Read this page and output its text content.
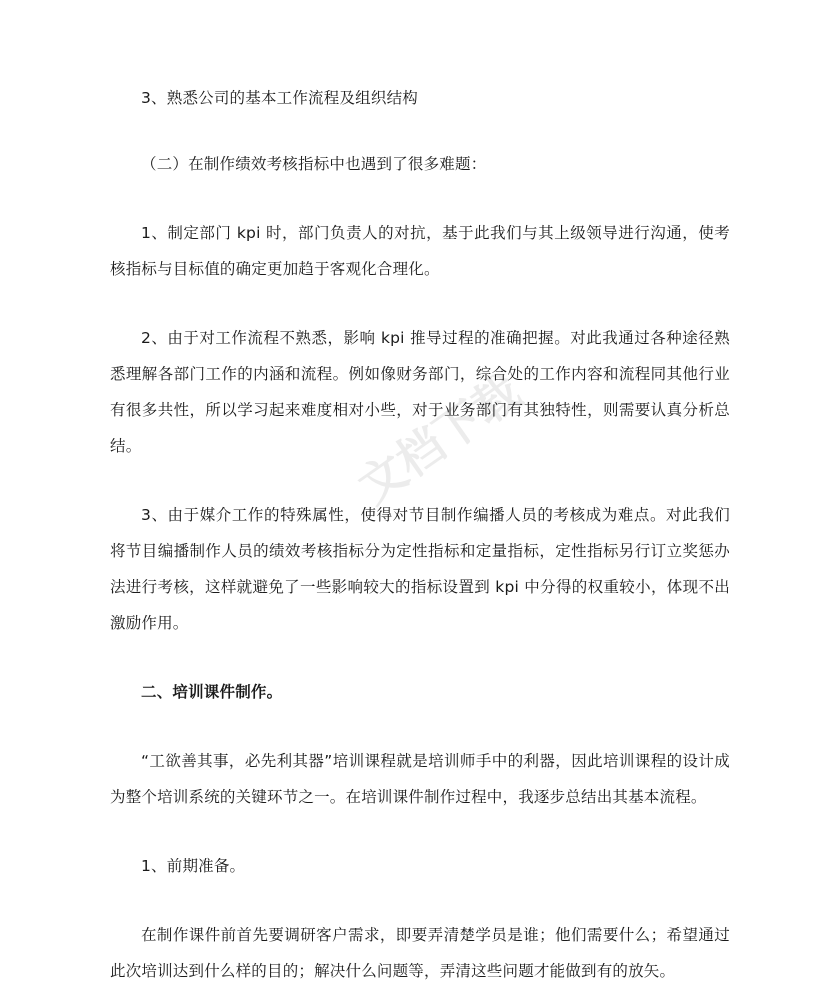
文档下载

3、熟悉公司的基本工作流程及组织结构

（二）在制作绩效考核指标中也遇到了很多难题：

1、制定部门 kpi 时，部门负责人的对抗，基于此我们与其上级领导进行沟通，使考核指标与目标值的确定更加趋于客观化合理化。

2、由于对工作流程不熟悉，影响 kpi 推导过程的准确把握。对此我通过各种途径熟悉理解各部门工作的内涵和流程。例如像财务部门，综合处的工作内容和流程同其他行业有很多共性，所以学习起来难度相对小些，对于业务部门有其独特性，则需要认真分析总结。

3、由于媒介工作的特殊属性，使得对节目制作编播人员的考核成为难点。对此我们将节目编播制作人员的绩效考核指标分为定性指标和定量指标，定性指标另行订立奖惩办法进行考核，这样就避免了一些影响较大的指标设置到 kpi 中分得的权重较小，体现不出激励作用。

二、培训课件制作。

“工欲善其事，必先利其器”培训课程就是培训师手中的利器，因此培训课程的设计成为整个培训系统的关键环节之一。在培训课件制作过程中，我逐步总结出其基本流程。

1、前期准备。

在制作课件前首先要调研客户需求，即要弄清楚学员是谁；他们需要什么；希望通过此次培训达到什么样的目的；解决什么问题等，弄清这些问题才能做到有的放矢。
